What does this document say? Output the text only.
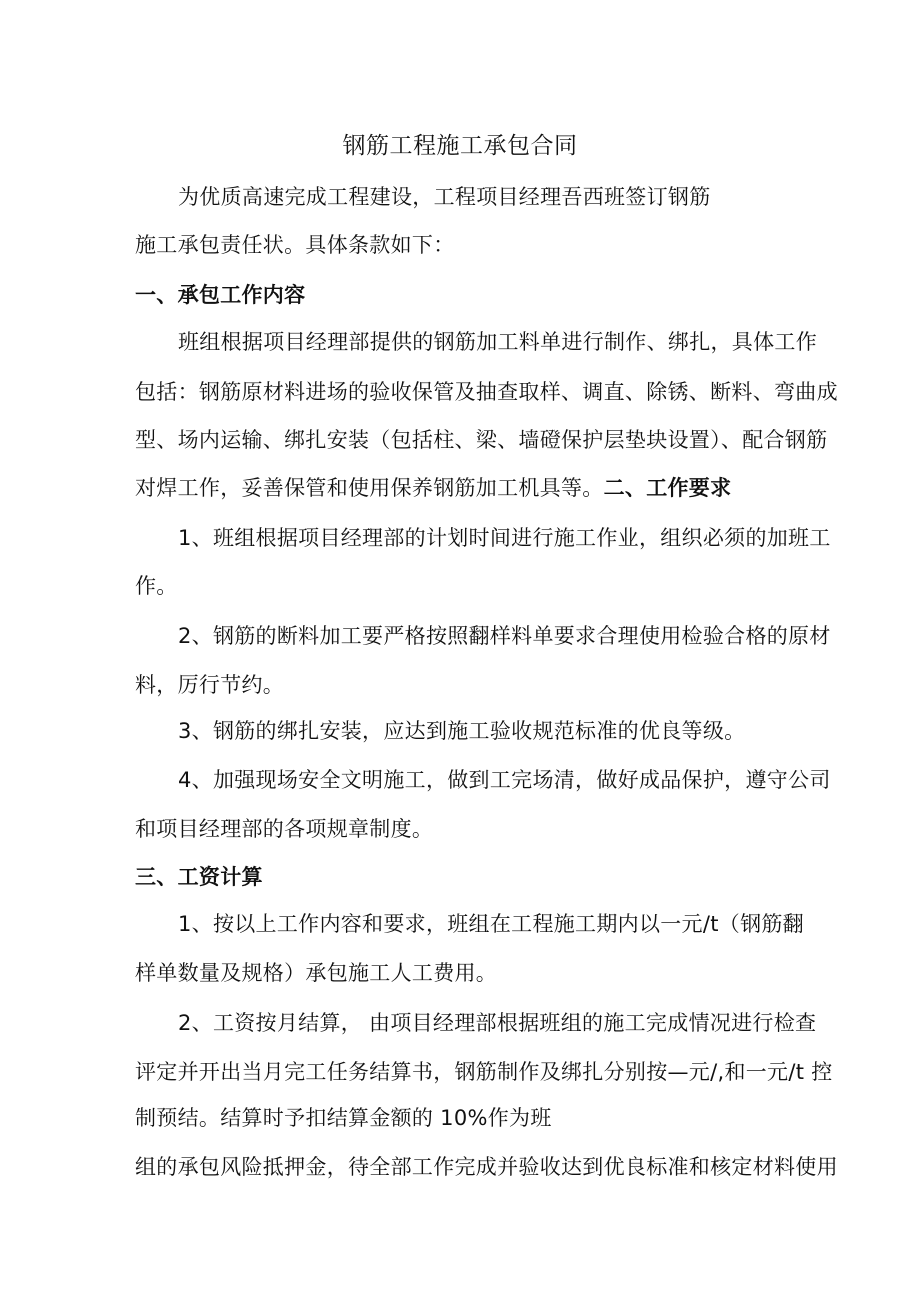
钢筋工程施工承包合同
为优质高速完成工程建设，工程项目经理吾西班签订钢筋
施工承包责任状。具体条款如下：
一、承包工作内容
班组根据项目经理部提供的钢筋加工料单进行制作、绑扎，具体工作
包括：钢筋原材料进场的验收保管及抽查取样、调直、除锈、断料、弯曲成
型、场内运输、绑扎安装（包括柱、梁、墙磴保护层垫块设置）、配合钢筋
对焊工作，妥善保管和使用保养钢筋加工机具等。二、工作要求
1、班组根据项目经理部的计划时间进行施工作业，组织必须的加班工
作。
2、钢筋的断料加工要严格按照翻样料单要求合理使用检验合格的原材
料，厉行节约。
3、钢筋的绑扎安装，应达到施工验收规范标准的优良等级。
4、加强现场安全文明施工，做到工完场清，做好成品保护，遵守公司
和项目经理部的各项规章制度。
三、工资计算
1、按以上工作内容和要求，班组在工程施工期内以一元/t（钢筋翻
样单数量及规格）承包施工人工费用。
2、工资按月结算， 由项目经理部根据班组的施工完成情况进行检查
评定并开出当月完工任务结算书，钢筋制作及绑扎分别按—元/,和一元/t 控
制预结。结算时予扣结算金额的 10%作为班
组的承包风险抵押金，待全部工作完成并验收达到优良标准和核定材料使用
